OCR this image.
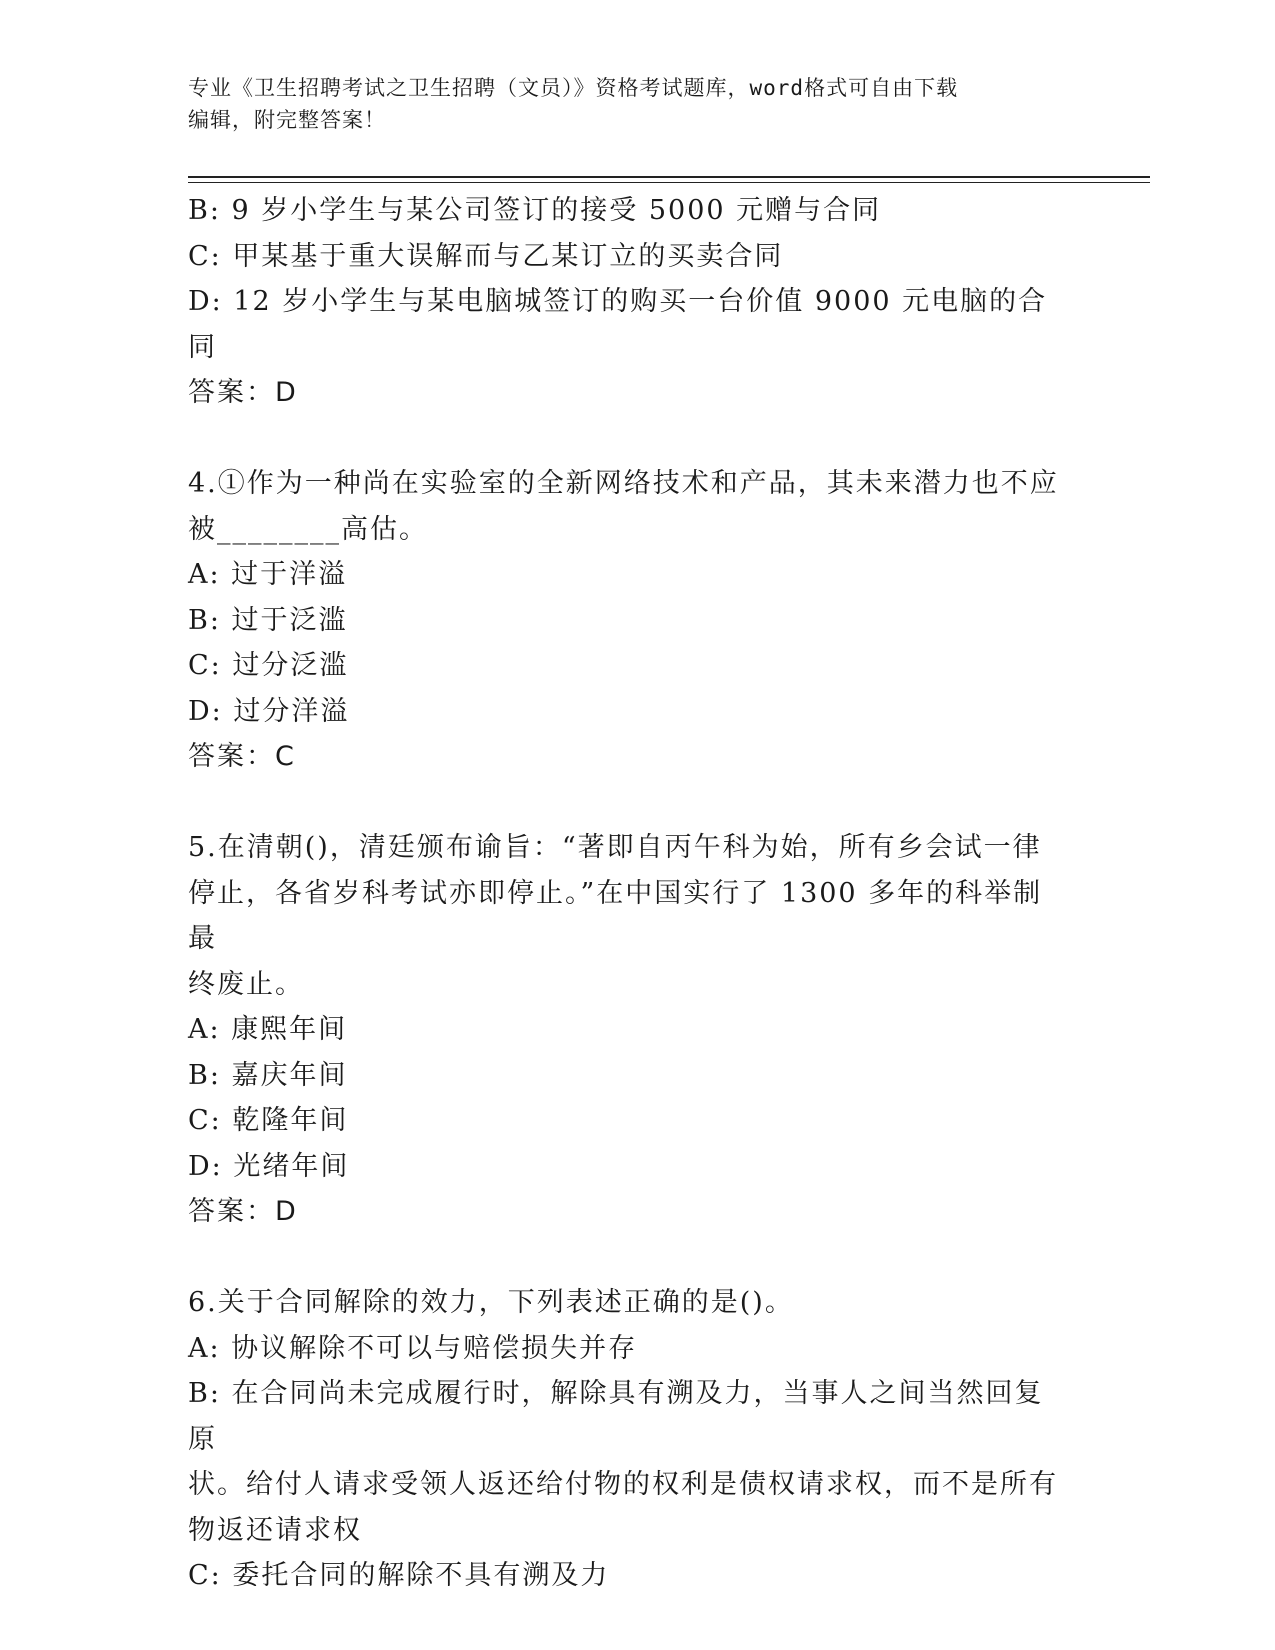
专业《卫生招聘考试之卫生招聘（文员）》资格考试题库，word格式可自由下载
编辑，附完整答案！

B: 9 岁小学生与某公司签订的接受 5000 元赠与合同

C: 甲某基于重大误解而与乙某订立的买卖合同

D: 12 岁小学生与某电脑城签订的购买一台价值 9000 元电脑的合同

答案：D

4.①作为一种尚在实验室的全新网络技术和产品，其未来潜力也不应

被________高估。

A: 过于洋溢

B: 过于泛滥

C: 过分泛滥

D: 过分洋溢

答案：C

5.在清朝()，清廷颁布谕旨：“著即自丙午科为始，所有乡会试一律

停止，各省岁科考试亦即停止。”在中国实行了 1300 多年的科举制最

终废止。

A: 康熙年间

B: 嘉庆年间

C: 乾隆年间

D: 光绪年间

答案：D

6.关于合同解除的效力，下列表述正确的是()。

A: 协议解除不可以与赔偿损失并存

B: 在合同尚未完成履行时，解除具有溯及力，当事人之间当然回复原

状。给付人请求受领人返还给付物的权利是债权请求权，而不是所有

物返还请求权

C: 委托合同的解除不具有溯及力
